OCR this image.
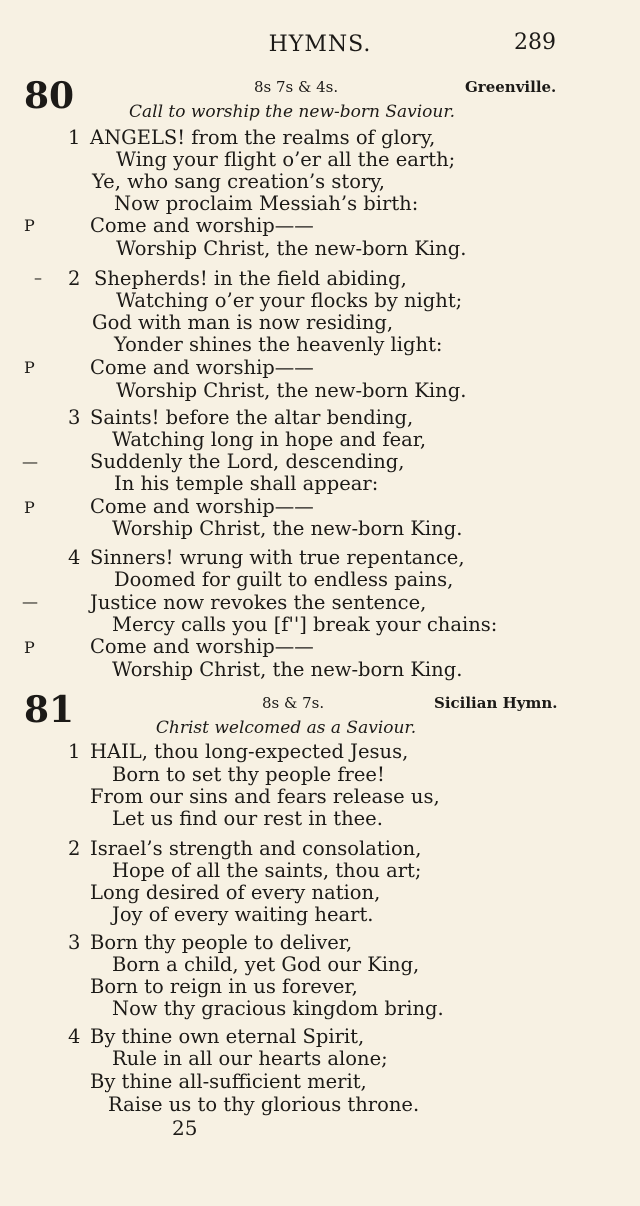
HYMNS.	289
80	8s 7s & 4s.	Greenville.
Call to worship the new-born Saviour.
1 ANGELS! from the realms of glory,
Wing your flight o’er all the earth;
Ye, who sang creation’s story,
Now proclaim Messiah’s birth:
P	Come and worship——
Worship Christ, the new-born King.
– 2 Shepherds! in the field abiding,
Watching o’er your flocks by night;
God with man is now residing,
Yonder shines the heavenly light:
P	Come and worship——
Worship Christ, the new-born King.
3 Saints! before the altar bending,
Watching long in hope and fear,
—	Suddenly the Lord, descending,
In his temple shall appear:
P	Come and worship——
Worship Christ, the new-born King.
4 Sinners! wrung with true repentance,
Doomed for guilt to endless pains,
—	Justice now revokes the sentence,
Mercy calls you [f''] break your chains:
P	Come and worship——
Worship Christ, the new-born King.
81	8s & 7s.	Sicilian Hymn.
Christ welcomed as a Saviour.
1 HAIL, thou long-expected Jesus,
Born to set thy people free!
From our sins and fears release us,
Let us find our rest in thee.
2 Israel’s strength and consolation,
Hope of all the saints, thou art;
Long desired of every nation,
Joy of every waiting heart.
3 Born thy people to deliver,
Born a child, yet God our King,
Born to reign in us forever,
Now thy gracious kingdom bring.
4 By thine own eternal Spirit,
Rule in all our hearts alone;
By thine all-sufficient merit,
Raise us to thy glorious throne.
25
